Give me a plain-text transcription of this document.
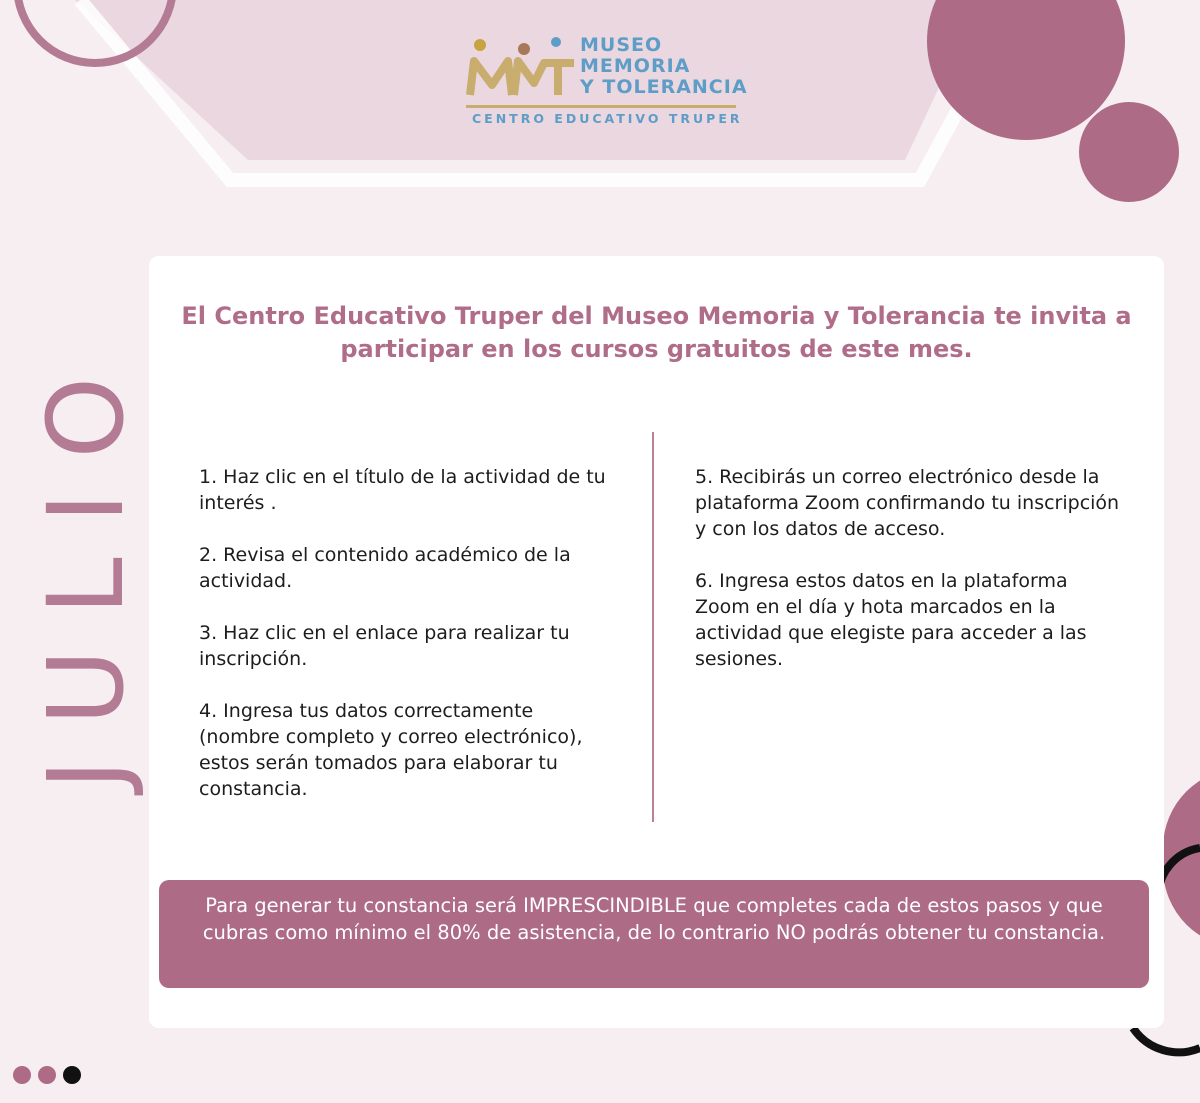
MUSEO
MEMORIA
Y TOLERANCIA
CENTRO EDUCATIVO TRUPER
JULIO
El Centro Educativo Truper del Museo Memoria y Tolerancia te invita a participar en los cursos gratuitos de este mes.

1. Haz clic en el título de la actividad de tu interés .

2. Revisa el contenido académico de la actividad.

3. Haz clic en el enlace para realizar tu inscripción.

4. Ingresa tus datos correctamente (nombre completo y correo electrónico), estos serán tomados para elaborar tu constancia.

5. Recibirás un correo electrónico desde la plataforma Zoom confirmando tu inscripción y con los datos de acceso.

6. Ingresa estos datos en la plataforma Zoom en el día y hota marcados en la actividad que elegiste para acceder a las sesiones.

Para generar tu constancia será IMPRESCINDIBLE que completes cada de estos pasos y que cubras como mínimo el 80% de asistencia, de lo contrario NO podrás obtener tu constancia.
